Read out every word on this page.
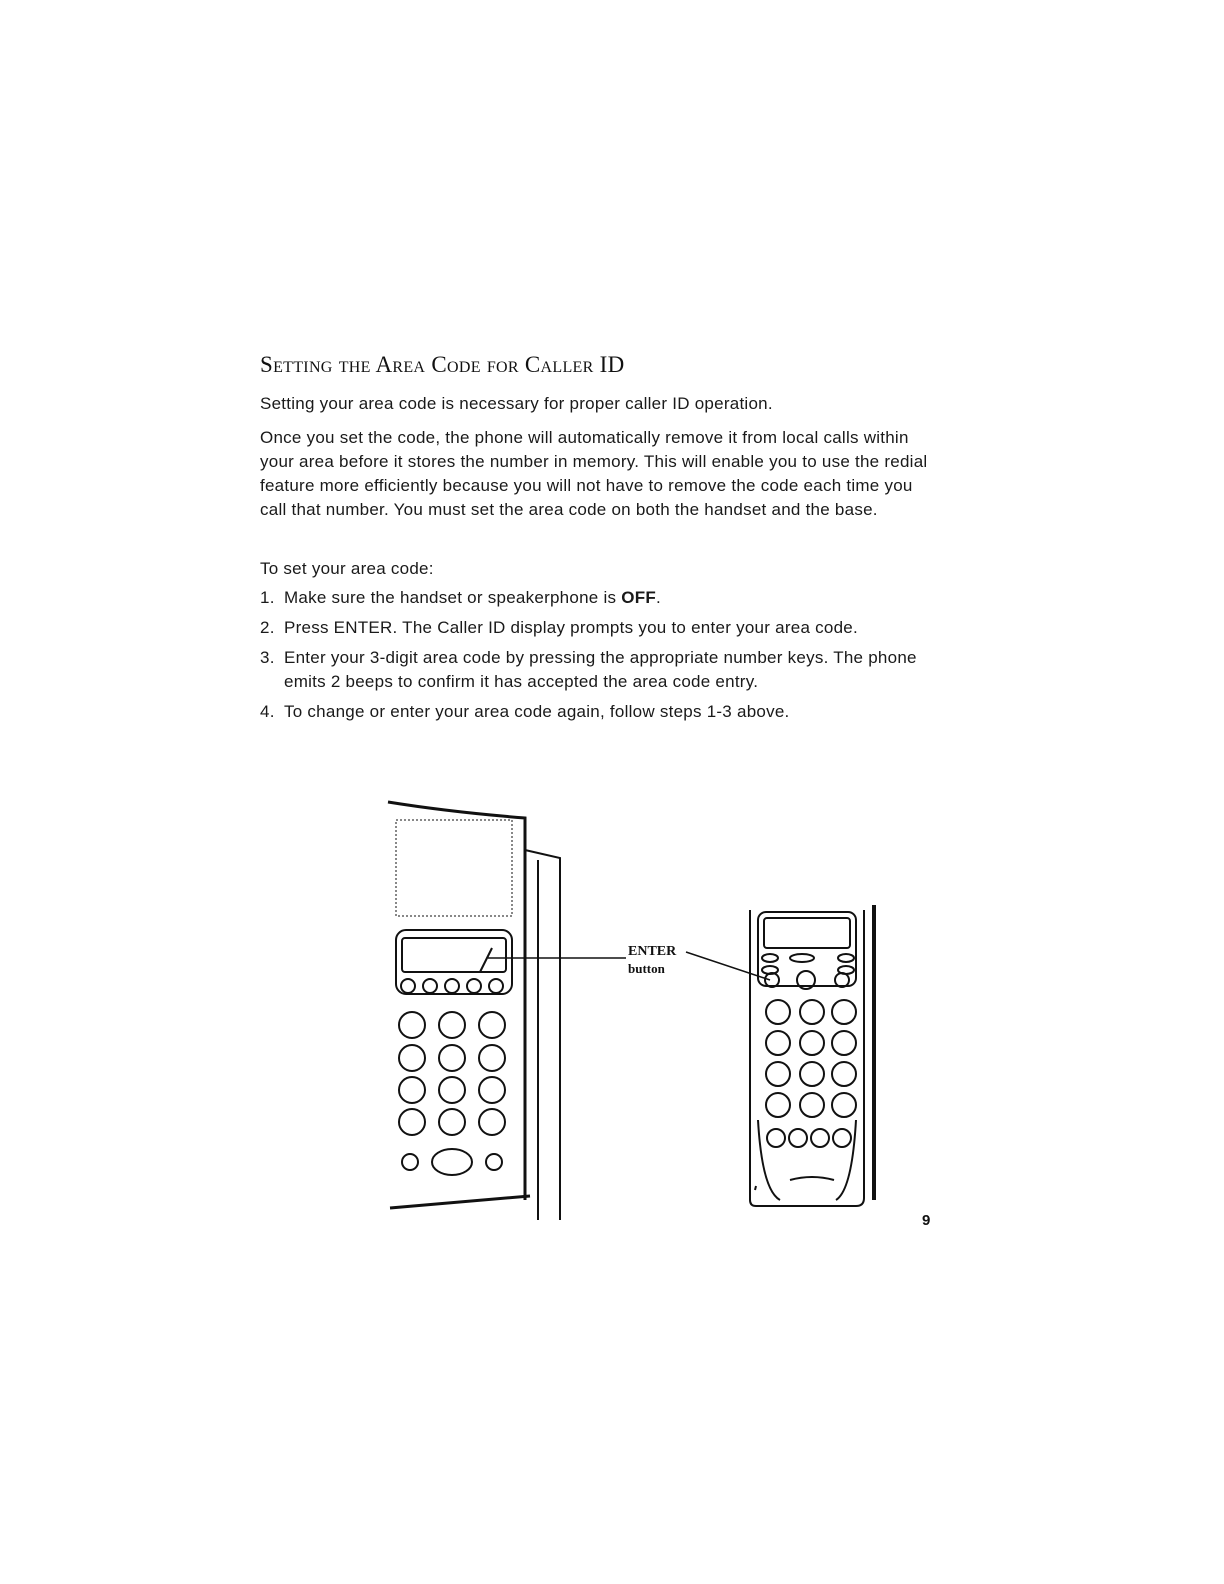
Setting the Area Code for Caller ID
Setting your area code is necessary for proper caller ID operation.
Once you set the code, the phone will automatically remove it from local calls within your area before it stores the number in memory. This will enable you to use the redial feature more efficiently because you will not have to remove the code each time you call that number. You must set the area code on both the handset and the base.
To set your area code:
1. Make sure the handset or speakerphone is OFF.
2. Press ENTER. The Caller ID display prompts you to enter your area code.
3. Enter your 3-digit area code by pressing the appropriate number keys. The phone emits 2 beeps to confirm it has accepted the area code entry.
4. To change or enter your area code again, follow steps 1-3 above.
ENTER
button
9
